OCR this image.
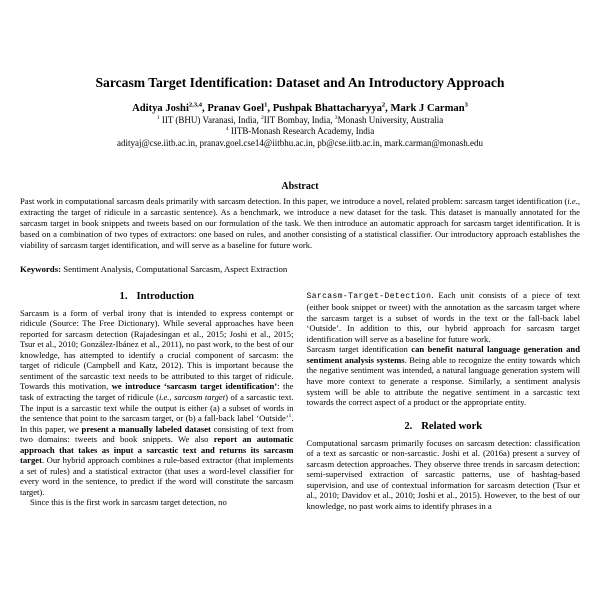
Sarcasm Target Identification: Dataset and An Introductory Approach
Aditya Joshi$^{2,3,4}$, Pranav Goel$^1$, Pushpak Bhattacharyya$^2$, Mark J Carman$^3$
$^1$ IIT (BHU) Varanasi, India, $^2$IIT Bombay, India, $^3$Monash University, Australia
$^4$ IITB-Monash Research Academy, India
adityaj@cse.iitb.ac.in, pranav.goel.cse14@iitbhu.ac.in, pb@cse.iitb.ac.in, mark.carman@monash.edu
Abstract
Past work in computational sarcasm deals primarily with sarcasm detection. In this paper, we introduce a novel, related problem: sarcasm target identification (i.e., extracting the target of ridicule in a sarcastic sentence). As a benchmark, we introduce a new dataset for the task. This dataset is manually annotated for the sarcasm target in book snippets and tweets based on our formulation of the task. We then introduce an automatic approach for sarcasm target identification. It is based on a combination of two types of extractors: one based on rules, and another consisting of a statistical classifier. Our introductory approach establishes the viability of sarcasm target identification, and will serve as a baseline for future work.
Keywords: Sentiment Analysis, Computational Sarcasm, Aspect Extraction
1. Introduction

Sarcasm is a form of verbal irony that is intended to express contempt or ridicule (Source: The Free Dictionary). While several approaches have been reported for sarcasm detection (Rajadesingan et al., 2015; Joshi et al., 2015; Tsur et al., 2010; González-Ibánez et al., 2011), no past work, to the best of our knowledge, has attempted to identify a crucial component of sarcasm: the target of ridicule (Campbell and Katz, 2012). This is important because the sentiment of the sarcastic text needs to be attributed to this target of ridicule. Towards this motivation, we introduce ‘sarcasm target identification’: the task of extracting the target of ridicule (i.e., sarcasm target) of a sarcastic text. The input is a sarcastic text while the output is either (a) a subset of words in the sentence that point to the sarcasm target, or (b) a fall-back label ‘Outside’$^1$. In this paper, we present a manually labeled dataset consisting of text from two domains: tweets and book snippets. We also report an automatic approach that takes as input a sarcastic text and returns its sarcasm target. Our hybrid approach combines a rule-based extractor (that implements a set of rules) and a statistical extractor (that uses a word-level classifier for every word in the sentence, to predict if the word will constitute the sarcasm target).

Since this is the first work in sarcasm target detection, no

Sarcasm-Target-Detection. Each unit consists of a piece of text (either book snippet or tweet) with the annotation as the sarcasm target where the sarcasm target is a subset of words in the text or the fall-back label ‘Outside’. In addition to this, our hybrid approach for sarcasm target identification will serve as a baseline for future work.

Sarcasm target identification can benefit natural language generation and sentiment analysis systems. Being able to recognize the entity towards which the negative sentiment was intended, a natural language generation system will have more context to generate a response. Similarly, a sentiment analysis system will be able to attribute the negative sentiment in a sarcastic text towards the correct aspect of a product or the appropriate entity.

2. Related work

Computational sarcasm primarily focuses on sarcasm detection: classification of a text as sarcastic or non-sarcastic. Joshi et al. (2016a) present a survey of sarcasm detection approaches. They observe three trends in sarcasm detection: semi-supervised extraction of sarcastic patterns, use of hashtag-based supervision, and use of contextual information for sarcasm detection (Tsur et al., 2010; Davidov et al., 2010; Joshi et al., 2015). However, to the best of our knowledge, no past work aims to identify phrases in a
